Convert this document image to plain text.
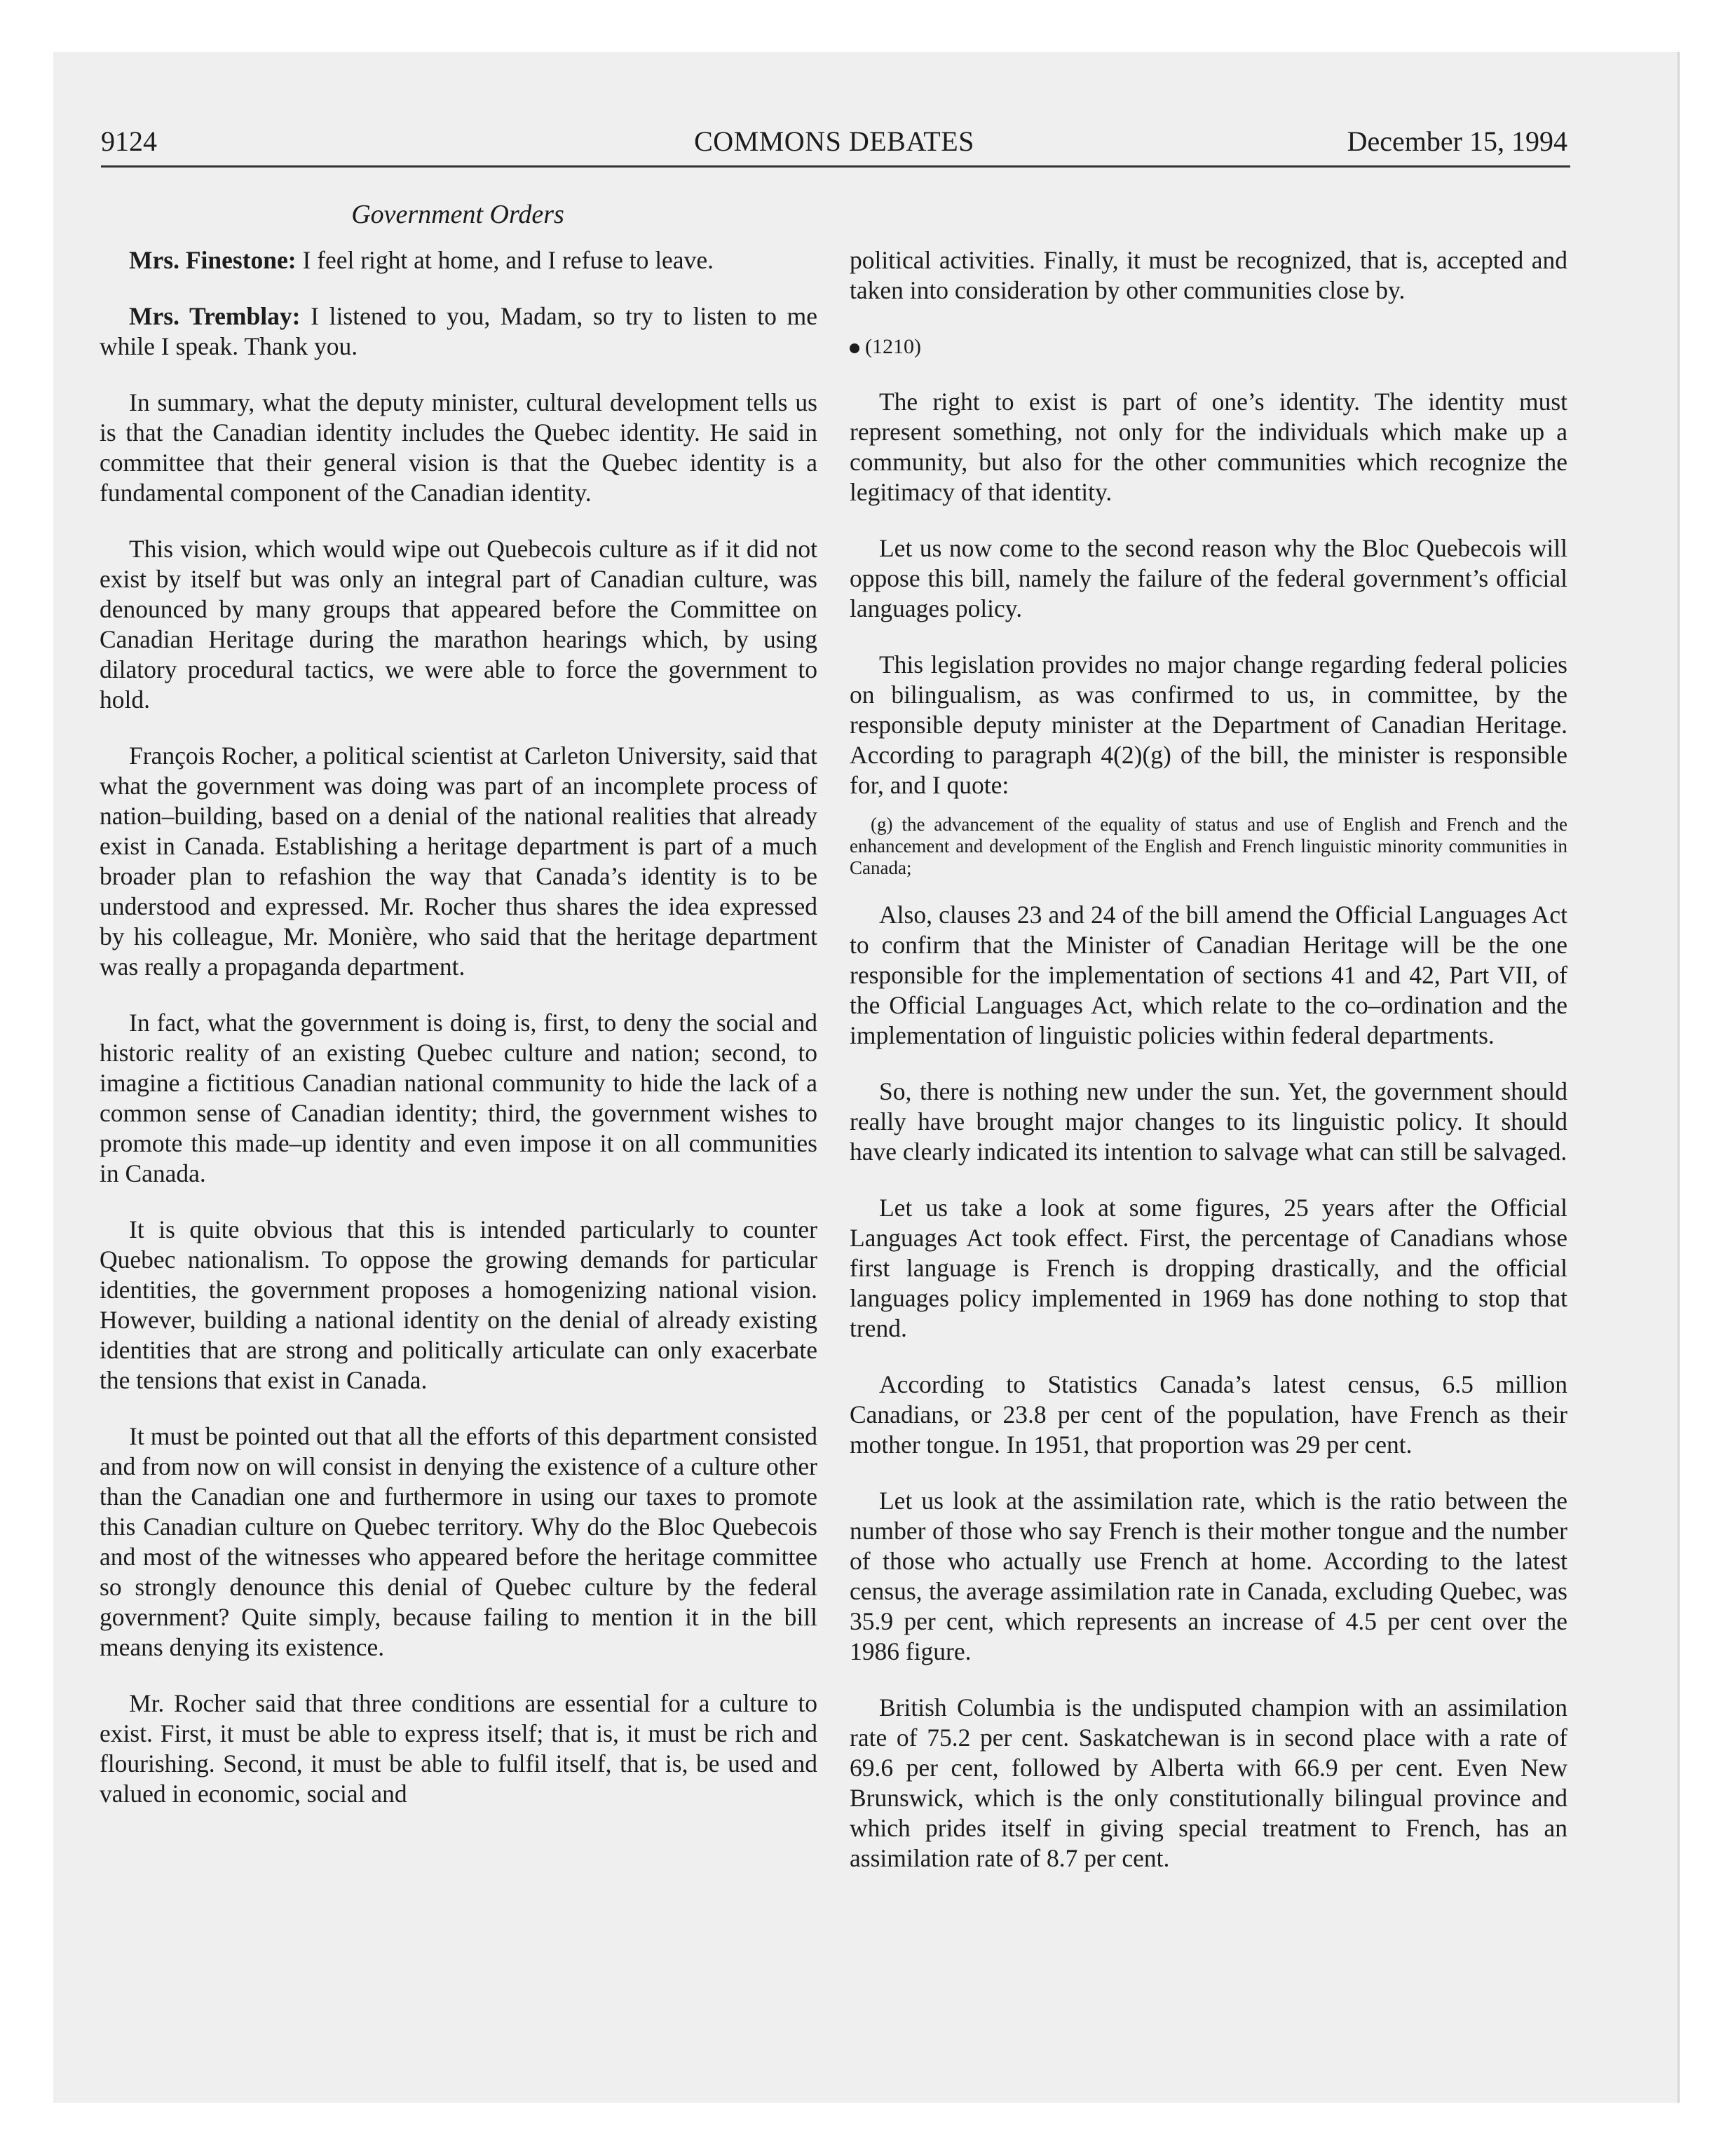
9124	COMMONS DEBATES	December 15, 1994
Government Orders

Mrs. Finestone: I feel right at home, and I refuse to leave.

Mrs. Tremblay: I listened to you, Madam, so try to listen to me while I speak. Thank you.

In summary, what the deputy minister, cultural development tells us is that the Canadian identity includes the Quebec identity. He said in committee that their general vision is that the Quebec identity is a fundamental component of the Canadian identity.

This vision, which would wipe out Quebecois culture as if it did not exist by itself but was only an integral part of Canadian culture, was denounced by many groups that appeared before the Committee on Canadian Heritage during the marathon hearings which, by using dilatory procedural tactics, we were able to force the government to hold.

François Rocher, a political scientist at Carleton University, said that what the government was doing was part of an incomplete process of nation–building, based on a denial of the national realities that already exist in Canada. Establishing a heritage department is part of a much broader plan to refashion the way that Canada’s identity is to be understood and expressed. Mr. Rocher thus shares the idea expressed by his colleague, Mr. Monière, who said that the heritage department was really a propaganda department.

In fact, what the government is doing is, first, to deny the social and historic reality of an existing Quebec culture and nation; second, to imagine a fictitious Canadian national community to hide the lack of a common sense of Canadian identity; third, the government wishes to promote this made–up identity and even impose it on all communities in Canada.

It is quite obvious that this is intended particularly to counter Quebec nationalism. To oppose the growing demands for particular identities, the government proposes a homogenizing national vision. However, building a national identity on the denial of already existing identities that are strong and politically articulate can only exacerbate the tensions that exist in Canada.

It must be pointed out that all the efforts of this department consisted and from now on will consist in denying the existence of a culture other than the Canadian one and furthermore in using our taxes to promote this Canadian culture on Quebec territory. Why do the Bloc Quebecois and most of the witnesses who appeared before the heritage committee so strongly denounce this denial of Quebec culture by the federal government? Quite simply, because failing to mention it in the bill means denying its existence.

Mr. Rocher said that three conditions are essential for a culture to exist. First, it must be able to express itself; that is, it must be rich and flourishing. Second, it must be able to fulfil itself, that is, be used and valued in economic, social and

political activities. Finally, it must be recognized, that is, accepted and taken into consideration by other communities close by.

(1210)

The right to exist is part of one’s identity. The identity must represent something, not only for the individuals which make up a community, but also for the other communities which recognize the legitimacy of that identity.

Let us now come to the second reason why the Bloc Quebecois will oppose this bill, namely the failure of the federal government’s official languages policy.

This legislation provides no major change regarding federal policies on bilingualism, as was confirmed to us, in committee, by the responsible deputy minister at the Department of Canadian Heritage. According to paragraph 4(2)(g) of the bill, the minister is responsible for, and I quote:

(g) the advancement of the equality of status and use of English and French and the enhancement and development of the English and French linguistic minority communities in Canada;

Also, clauses 23 and 24 of the bill amend the Official Languages Act to confirm that the Minister of Canadian Heritage will be the one responsible for the implementation of sections 41 and 42, Part VII, of the Official Languages Act, which relate to the co–ordination and the implementation of linguistic policies within federal departments.

So, there is nothing new under the sun. Yet, the government should really have brought major changes to its linguistic policy. It should have clearly indicated its intention to salvage what can still be salvaged.

Let us take a look at some figures, 25 years after the Official Languages Act took effect. First, the percentage of Canadians whose first language is French is dropping drastically, and the official languages policy implemented in 1969 has done nothing to stop that trend.

According to Statistics Canada’s latest census, 6.5 million Canadians, or 23.8 per cent of the population, have French as their mother tongue. In 1951, that proportion was 29 per cent.

Let us look at the assimilation rate, which is the ratio between the number of those who say French is their mother tongue and the number of those who actually use French at home. According to the latest census, the average assimilation rate in Canada, excluding Quebec, was 35.9 per cent, which represents an increase of 4.5 per cent over the 1986 figure.

British Columbia is the undisputed champion with an assimilation rate of 75.2 per cent. Saskatchewan is in second place with a rate of 69.6 per cent, followed by Alberta with 66.9 per cent. Even New Brunswick, which is the only constitutionally bilingual province and which prides itself in giving special treatment to French, has an assimilation rate of 8.7 per cent.
